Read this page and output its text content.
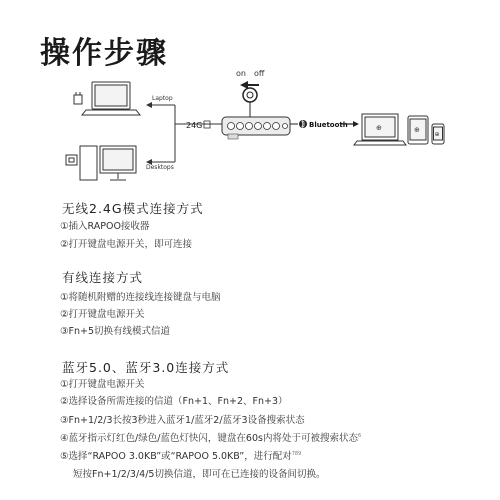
操作步骤
Laptop
Desktops
24G
on off
Bluetooth	⊕	⊕
⊕
无线2.4G模式连接方式
①插入RAPOO接收器
②打开键盘电源开关，即可连接
有线连接方式
①将随机附赠的连接线连接键盘与电脑
②打开键盘电源开关
③Fn+5切换有线模式信道
蓝牙5.0、蓝牙3.0连接方式
①打开键盘电源开关
②选择设备所需连接的信道（Fn+1、Fn+2、Fn+3）
③Fn+1/2/3长按3秒进入蓝牙1/蓝牙2/蓝牙3设备搜索状态
④蓝牙指示灯红色/绿色/蓝色灯快闪，键盘在60s内将处于可被搜索状态$^6$
⑤选择“RAPOO 3.0KB”或“RAPOO 5.0KB”，进行配对$^{789}$
短按Fn+1/2/3/4/5切换信道，即可在已连接的设备间切换。
